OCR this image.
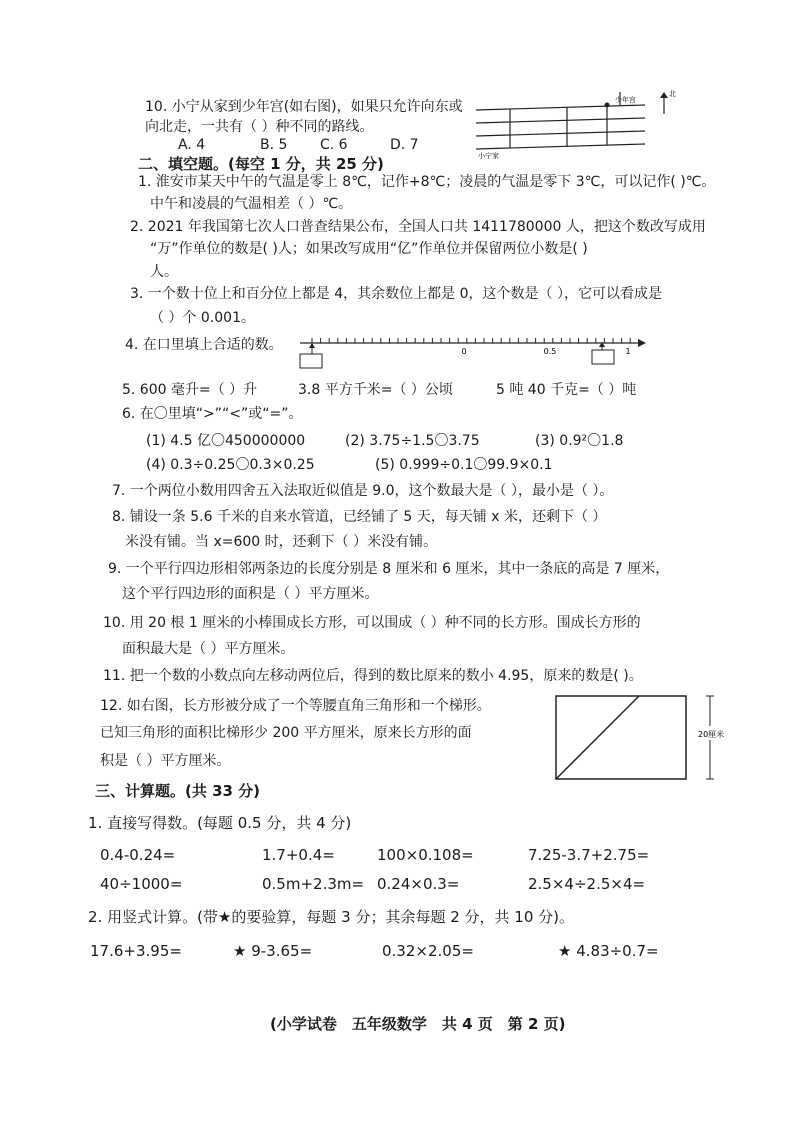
10. 小宁从家到少年宫(如右图)，如果只允许向东或
向北走，一共有（ ）种不同的路线。
A. 4	B. 5 C. 6	D. 7
少年宫
小宁家
北
二、填空题。(每空 1 分，共 25 分)
1. 淮安市某天中午的气温是零上 8℃，记作+8℃；凌晨的气温是零下 3℃，可以记作( )℃。
中午和凌晨的气温相差（ ）℃。
2. 2021 年我国第七次人口普查结果公布，全国人口共 1411780000 人，把这个数改写成用
“万”作单位的数是( )人；如果改写成用“亿”作单位并保留两位小数是( )
人。
3. 一个数十位上和百分位上都是 4，其余数位上都是 0，这个数是（ ），它可以看成是
（ ）个 0.001。
4. 在口里填上合适的数。	0	0.5	1
5. 600 毫升=（ ）升	3.8 平方千米=（ ）公顷	5 吨 40 千克=（ ）吨
6. 在〇里填“>”“<”或“=”。
(1) 4.5 亿〇450000000	(2) 3.75÷1.5〇3.75	(3) 0.9²〇1.8
(4) 0.3÷0.25〇0.3×0.25	(5) 0.999÷0.1〇99.9×0.1
7. 一个两位小数用四舍五入法取近似值是 9.0，这个数最大是（ ），最小是（ ）。
8. 铺设一条 5.6 千米的自来水管道，已经铺了 5 天，每天铺 x 米，还剩下（ ）
米没有铺。当 x=600 时，还剩下（ ）米没有铺。
9. 一个平行四边形相邻两条边的长度分别是 8 厘米和 6 厘米，其中一条底的高是 7 厘米，
这个平行四边形的面积是（ ）平方厘米。
10. 用 20 根 1 厘米的小棒围成长方形，可以围成（ ）种不同的长方形。围成长方形的
面积最大是（ ）平方厘米。
11. 把一个数的小数点向左移动两位后，得到的数比原来的数小 4.95，原来的数是( )。
12. 如右图，长方形被分成了一个等腰直角三角形和一个梯形。
已知三角形的面积比梯形少 200 平方厘米，原来长方形的面
积是（ ）平方厘米。
20厘米
三、计算题。(共 33 分)
1. 直接写得数。(每题 0.5 分，共 4 分)
0.4-0.24=	1.7+0.4=	100×0.108=	7.25-3.7+2.75=
40÷1000=	0.5m+2.3m= 0.24×0.3=	2.5×4÷2.5×4=
2. 用竖式计算。(带★的要验算，每题 3 分；其余每题 2 分，共 10 分)。
17.6+3.95=	★ 9-3.65=	0.32×2.05=	★ 4.83÷0.7=
(小学试卷　五年级数学　共 4 页　第 2 页)
